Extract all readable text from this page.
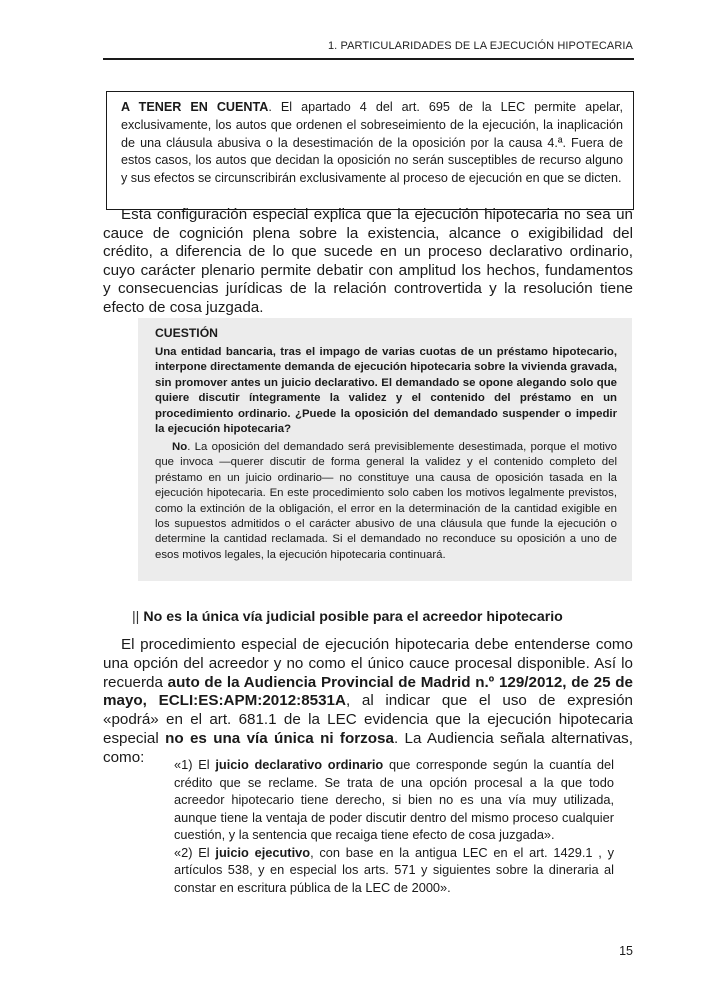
1. PARTICULARIDADES DE LA EJECUCIÓN HIPOTECARIA
A TENER EN CUENTA. El apartado 4 del art. 695 de la LEC permite apelar, exclusivamente, los autos que ordenen el sobreseimiento de la ejecución, la inaplicación de una cláusula abusiva o la desestimación de la oposición por la causa 4.ª. Fuera de estos casos, los autos que decidan la oposición no serán susceptibles de recurso alguno y sus efectos se circunscribirán exclusivamente al proceso de ejecución en que se dicten.
Esta configuración especial explica que la ejecución hipotecaria no sea un cauce de cognición plena sobre la existencia, alcance o exigibilidad del crédito, a diferencia de lo que sucede en un proceso declarativo ordinario, cuyo carácter plenario permite debatir con amplitud los hechos, fundamentos y consecuencias jurídicas de la relación controvertida y la resolución tiene efecto de cosa juzgada.
CUESTIÓN
Una entidad bancaria, tras el impago de varias cuotas de un préstamo hipotecario, interpone directamente demanda de ejecución hipotecaria sobre la vivienda gravada, sin promover antes un juicio declarativo. El demandado se opone alegando solo que quiere discutir íntegramente la validez y el contenido del préstamo en un procedimiento ordinario. ¿Puede la oposición del demandado suspender o impedir la ejecución hipotecaria?
No. La oposición del demandado será previsiblemente desestimada, porque el motivo que invoca —querer discutir de forma general la validez y el contenido completo del préstamo en un juicio ordinario— no constituye una causa de oposición tasada en la ejecución hipotecaria. En este procedimiento solo caben los motivos legalmente previstos, como la extinción de la obligación, el error en la determinación de la cantidad exigible en los supuestos admitidos o el carácter abusivo de una cláusula que funde la ejecución o determine la cantidad reclamada. Si el demandado no reconduce su oposición a uno de esos motivos legales, la ejecución hipotecaria continuará.
|| No es la única vía judicial posible para el acreedor hipotecario
El procedimiento especial de ejecución hipotecaria debe entenderse como una opción del acreedor y no como el único cauce procesal disponible. Así lo recuerda auto de la Audiencia Provincial de Madrid n.º 129/2012, de 25 de mayo, ECLI:ES:APM:2012:8531A, al indicar que el uso de expresión «podrá» en el art. 681.1 de la LEC evidencia que la ejecución hipotecaria especial no es una vía única ni forzosa. La Audiencia señala alternativas, como:	«1) El juicio declarativo ordinario que corresponde según la cuantía del crédito que se reclame. Se trata de una opción procesal a la que todo acreedor hipotecario tiene derecho, si bien no es una vía muy utilizada, aunque tiene la ventaja de poder discutir dentro del mismo proceso cualquier cuestión, y la sentencia que recaiga tiene efecto de cosa juzgada».
«2) El juicio ejecutivo, con base en la antigua LEC en el art. 1429.1 , y artículos 538, y en especial los arts. 571 y siguientes sobre la dineraria al constar en escritura pública de la LEC de 2000».
15
